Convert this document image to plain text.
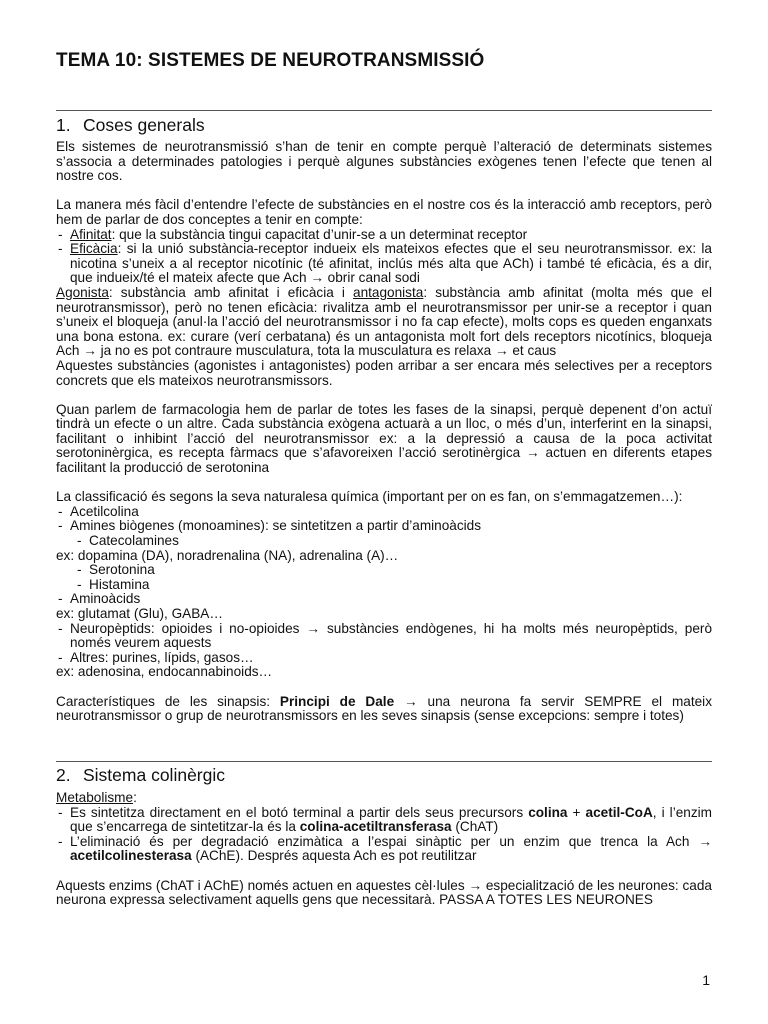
TEMA 10: SISTEMES DE NEUROTRANSMISSIÓ
1. Coses generals

Els sistemes de neurotransmissió s’han de tenir en compte perquè l’alteració de determinats sistemes s’associa a determinades patologies i perquè algunes substàncies exògenes tenen l’efecte que tenen al nostre cos.

La manera més fàcil d’entendre l’efecte de substàncies en el nostre cos és la interacció amb receptors, però hem de parlar de dos conceptes a tenir en compte:

- Afinitat: que la substància tingui capacitat d’unir-se a un determinat receptor
- Eficàcia: si la unió substància-receptor indueix els mateixos efectes que el seu neurotransmissor. ex: la nicotina s’uneix a al receptor nicotínic (té afinitat, inclús més alta que ACh) i també té eficàcia, és a dir, que indueix/té el mateix afecte que Ach → obrir canal sodi

Agonista: substància amb afinitat i eficàcia i antagonista: substància amb afinitat (molta més que el neurotransmissor), però no tenen eficàcia: rivalitza amb el neurotransmissor per unir-se a receptor i quan s’uneix el bloqueja (anul·la l’acció del neurotransmissor i no fa cap efecte), molts cops es queden enganxats una bona estona. ex: curare (verí cerbatana) és un antagonista molt fort dels receptors nicotínics, bloqueja Ach → ja no es pot contraure musculatura, tota la musculatura es relaxa → et caus

Aquestes substàncies (agonistes i antagonistes) poden arribar a ser encara més selectives per a receptors concrets que els mateixos neurotransmissors.

Quan parlem de farmacologia hem de parlar de totes les fases de la sinapsi, perquè depenent d’on actuï tindrà un efecte o un altre. Cada substància exògena actuarà a un lloc, o més d’un, interferint en la sinapsi, facilitant o inhibint l’acció del neurotransmissor ex: a la depressió a causa de la poca activitat serotoninèrgica, es recepta fàrmacs que s’afavoreixen l’acció serotinèrgica → actuen en diferents etapes facilitant la producció de serotonina

La classificació és segons la seva naturalesa química (important per on es fan, on s’emmagatzemen…):

- Acetilcolina
- Amines biògenes (monoamines): se sintetitzen a partir d’aminoàcids
- Catecolamines

ex: dopamina (DA), noradrenalina (NA), adrenalina (A)…

- Serotonina
- Histamina
- Aminoàcids

ex: glutamat (Glu), GABA…

- Neuropèptids: opioides i no-opioides → substàncies endògenes, hi ha molts més neuropèptids, però només veurem aquests
- Altres: purines, lípids, gasos…

ex: adenosina, endocannabinoids…

Característiques de les sinapsis: Principi de Dale → una neurona fa servir SEMPRE el mateix neurotransmissor o grup de neurotransmissors en les seves sinapsis (sense excepcions: sempre i totes)

2. Sistema colinèrgic

Metabolisme:

- Es sintetitza directament en el botó terminal a partir dels seus precursors colina + acetil-CoA, i l’enzim que s’encarrega de sintetitzar-la és la colina-acetiltransferasa (ChAT)
- L’eliminació és per degradació enzimàtica a l’espai sinàptic per un enzim que trenca la Ach → acetilcolinesterasa (AChE). Després aquesta Ach es pot reutilitzar

Aquests enzims (ChAT i AChE) només actuen en aquestes cèl·lules → especialització de les neurones: cada neurona expressa selectivament aquells gens que necessitarà. PASSA A TOTES LES NEURONES

1
